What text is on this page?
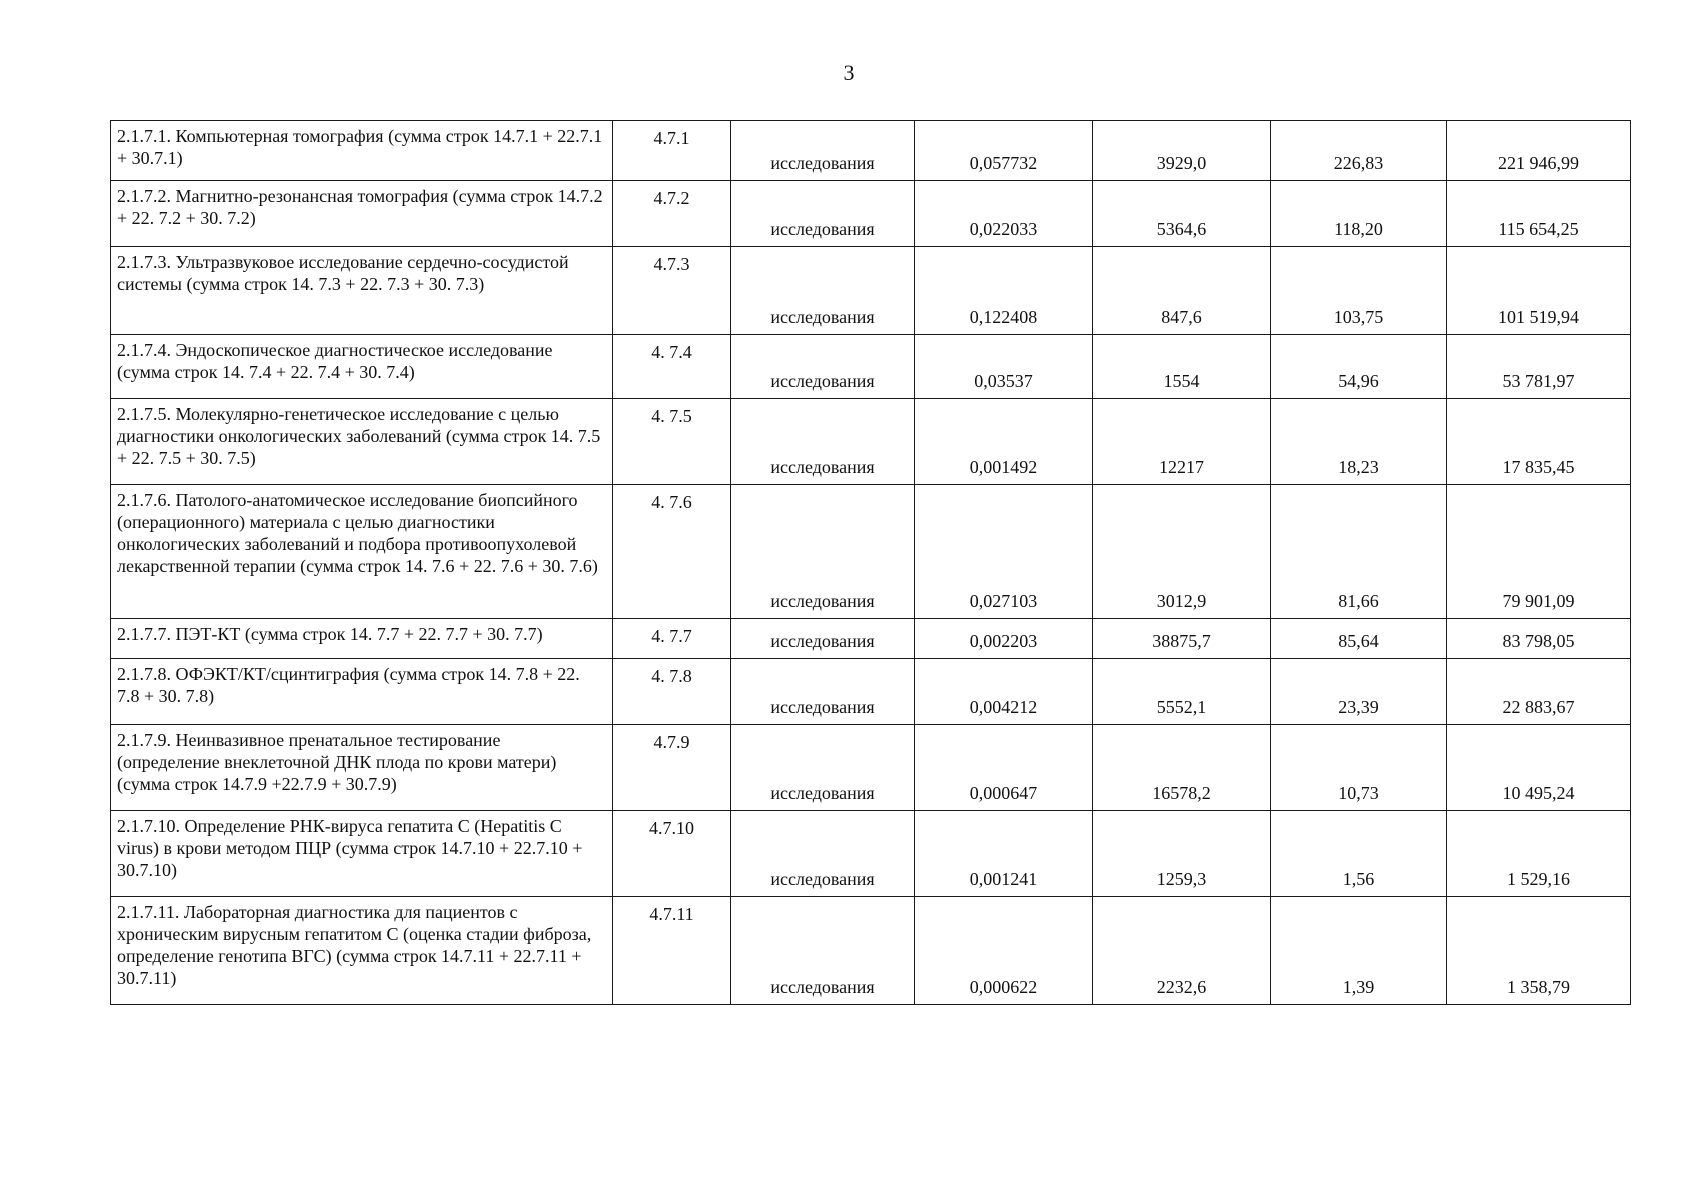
3
2.1.7.1. Компьютерная томография (сумма строк 14.7.1 + 22.7.1 + 30.7.1)	4.7.1	исследования	0,057732	3929,0	226,83	221 946,99
2.1.7.2. Магнитно-резонансная томография (сумма строк 14.7.2 + 22. 7.2 + 30. 7.2)	4.7.2	исследования	0,022033	5364,6	118,20	115 654,25
2.1.7.3. Ультразвуковое исследование сердечно-сосудистой системы (сумма строк 14. 7.3 + 22. 7.3 + 30. 7.3)	4.7.3	исследования	0,122408	847,6	103,75	101 519,94
2.1.7.4. Эндоскопическое диагностическое исследование (сумма строк 14. 7.4 + 22. 7.4 + 30. 7.4)	4. 7.4	исследования	0,03537	1554	54,96	53 781,97
2.1.7.5. Молекулярно-генетическое исследование с целью диагностики онкологических заболеваний (сумма строк 14. 7.5 + 22. 7.5 + 30. 7.5)	4. 7.5	исследования	0,001492	12217	18,23	17 835,45
2.1.7.6. Патолого-анатомическое исследование биопсийного (операционного) материала с целью диагностики онкологических заболеваний и подбора противоопухолевой лекарственной терапии (сумма строк 14. 7.6 + 22. 7.6 + 30. 7.6)	4. 7.6	исследования	0,027103	3012,9	81,66	79 901,09
2.1.7.7. ПЭТ-КТ (сумма строк 14. 7.7 + 22. 7.7 + 30. 7.7)	4. 7.7	исследования	0,002203	38875,7	85,64	83 798,05
2.1.7.8. ОФЭКТ/КТ/сцинтиграфия (сумма строк 14. 7.8 + 22. 7.8 + 30. 7.8)	4. 7.8	исследования	0,004212	5552,1	23,39	22 883,67
2.1.7.9. Неинвазивное пренатальное тестирование (определение внеклеточной ДНК плода по крови матери) (сумма строк 14.7.9 +22.7.9 + 30.7.9)	4.7.9	исследования	0,000647	16578,2	10,73	10 495,24
2.1.7.10. Определение РНК-вируса гепатита С (Hepatitis C virus) в крови методом ПЦР (сумма строк 14.7.10 + 22.7.10 + 30.7.10)	4.7.10	исследования	0,001241	1259,3	1,56	1 529,16
2.1.7.11. Лабораторная диагностика для пациентов с хроническим вирусным гепатитом С (оценка стадии фиброза, определение генотипа ВГС) (сумма строк 14.7.11 + 22.7.11 + 30.7.11)	4.7.11	исследования	0,000622	2232,6	1,39	1 358,79
